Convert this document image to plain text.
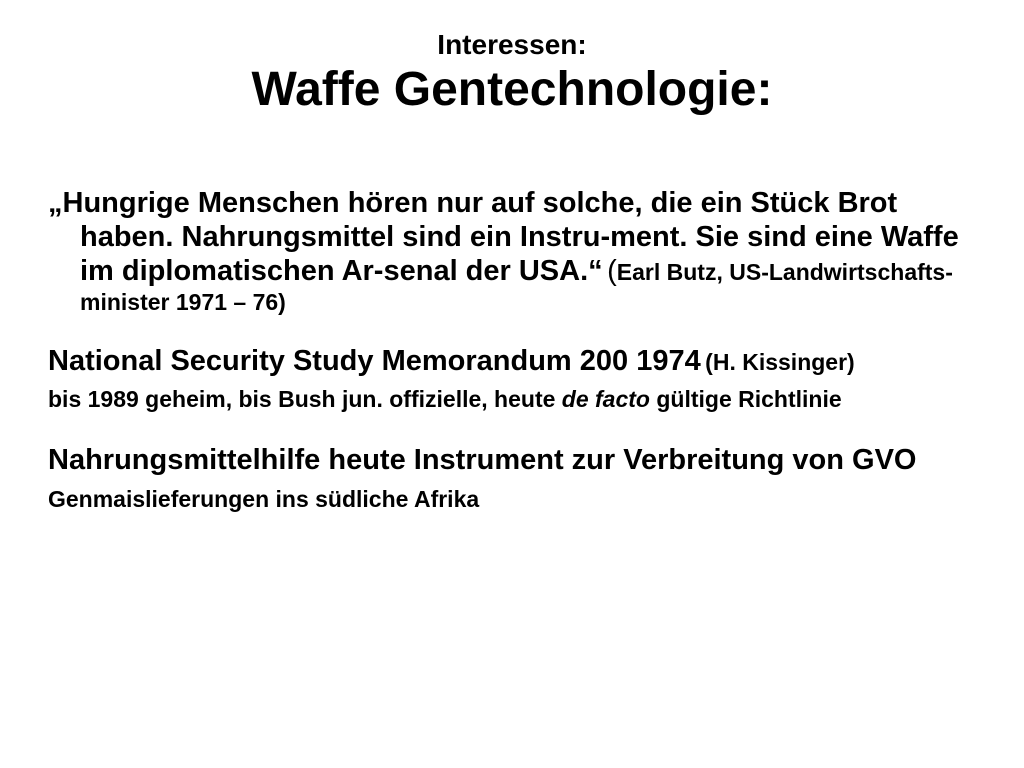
Interessen:
Waffe Gentechnologie:
„Hungrige Menschen hören nur auf solche, die ein Stück Brot haben. Nahrungsmittel sind ein Instru-ment. Sie sind eine Waffe im diplomatischen Ar-senal der USA.“ (Earl Butz, US-Landwirtschafts-minister 1971 – 76)
National Security Study Memorandum 200 1974 (H. Kissinger)
bis 1989 geheim, bis Bush jun. offizielle, heute de facto gültige Richtlinie
Nahrungsmittelhilfe heute Instrument zur Verbreitung von GVO
Genmaislieferungen ins südliche Afrika
